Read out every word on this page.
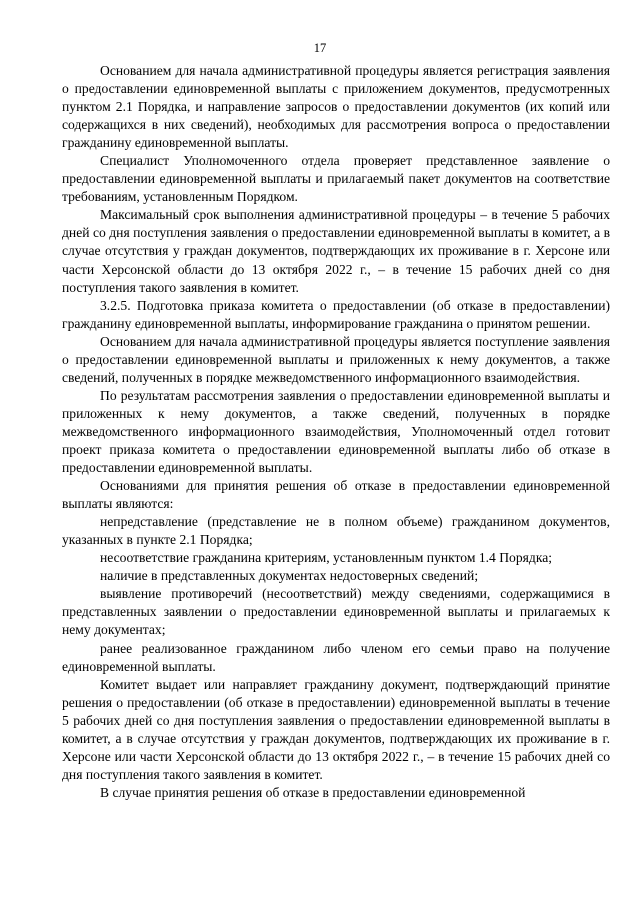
17

Основанием для начала административной процедуры является регистрация заявления о предоставлении единовременной выплаты с приложением документов, предусмотренных пунктом 2.1 Порядка, и направление запросов о предоставлении документов (их копий или содержащихся в них сведений), необходимых для рассмотрения вопроса о предоставлении гражданину единовременной выплаты.

Специалист Уполномоченного отдела проверяет представленное заявление о предоставлении единовременной выплаты и прилагаемый пакет документов на соответствие требованиям, установленным Порядком.

Максимальный срок выполнения административной процедуры – в течение 5 рабочих дней со дня поступления заявления о предоставлении единовременной выплаты в комитет, а в случае отсутствия у граждан документов, подтверждающих их проживание в г. Херсоне или части Херсонской области до 13 октября 2022 г., – в течение 15 рабочих дней со дня поступления такого заявления в комитет.

3.2.5. Подготовка приказа комитета о предоставлении (об отказе в предоставлении) гражданину единовременной выплаты, информирование гражданина о принятом решении.

Основанием для начала административной процедуры является поступление заявления о предоставлении единовременной выплаты и приложенных к нему документов, а также сведений, полученных в порядке межведомственного информационного взаимодействия.

По результатам рассмотрения заявления о предоставлении единовременной выплаты и приложенных к нему документов, а также сведений, полученных в порядке межведомственного информационного взаимодействия, Уполномоченный отдел готовит проект приказа комитета о предоставлении единовременной выплаты либо об отказе в предоставлении единовременной выплаты.

Основаниями для принятия решения об отказе в предоставлении единовременной выплаты являются:

непредставление (представление не в полном объеме) гражданином документов, указанных в пункте 2.1 Порядка;

несоответствие гражданина критериям, установленным пунктом 1.4 Порядка;

наличие в представленных документах недостоверных сведений;

выявление противоречий (несоответствий) между сведениями, содержащимися в представленных заявлении о предоставлении единовременной выплаты и прилагаемых к нему документах;

ранее реализованное гражданином либо членом его семьи право на получение единовременной выплаты.

Комитет выдает или направляет гражданину документ, подтверждающий принятие решения о предоставлении (об отказе в предоставлении) единовременной выплаты в течение 5 рабочих дней со дня поступления заявления о предоставлении единовременной выплаты в комитет, а в случае отсутствия у граждан документов, подтверждающих их проживание в г. Херсоне или части Херсонской области до 13 октября 2022 г., – в течение 15 рабочих дней со дня поступления такого заявления в комитет.

В случае принятия решения об отказе в предоставлении единовременной
